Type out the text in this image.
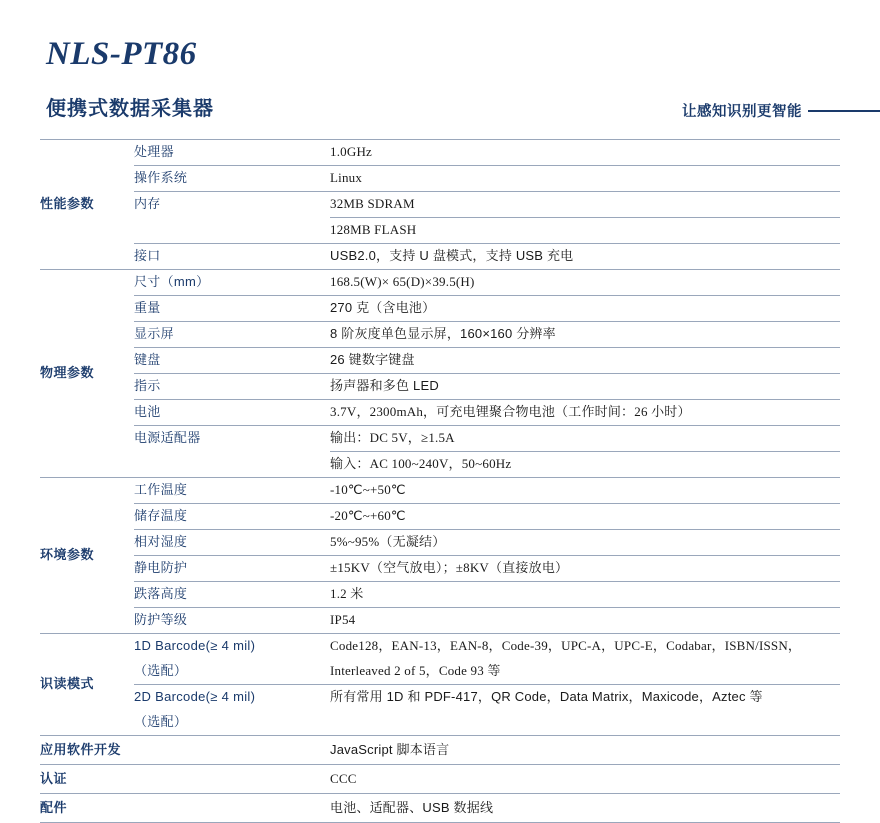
NLS-PT86
便携式数据采集器	让感知识别更智能
性能参数	处理器	1.0GHz
	操作系统	Linux
	内存	32MB SDRAM
		128MB FLASH
	接口	USB2.0，支持 U 盘模式，支持 USB 充电
物理参数	尺寸（mm）	168.5(W)× 65(D)×39.5(H)
	重量	270 克（含电池）
	显示屏	8 阶灰度单色显示屏，160×160 分辨率
	键盘	26 键数字键盘
	指示	扬声器和多色 LED
	电池	3.7V，2300mAh，可充电锂聚合物电池（工作时间：26 小时）
	电源适配器	输出：DC 5V，≥1.5A
		输入：AC 100~240V，50~60Hz
环境参数	工作温度	-10℃~+50℃
	储存温度	-20℃~+60℃
	相对湿度	5%~95%（无凝结）
	静电防护	±15KV（空气放电）；±8KV（直接放电）
	跌落高度	1.2 米
	防护等级	IP54
识读模式	1D Barcode(≥ 4 mil)	Code128，EAN-13，EAN-8，Code-39，UPC-A，UPC-E，Codabar，ISBN/ISSN，
	（选配）	Interleaved 2 of 5，Code 93 等
	2D Barcode(≥ 4 mil)	所有常用 1D 和 PDF-417，QR Code，Data Matrix，Maxicode，Aztec 等
	（选配）	
应用软件开发		JavaScript 脚本语言
认证		CCC
配件		电池、适配器、USB 数据线
